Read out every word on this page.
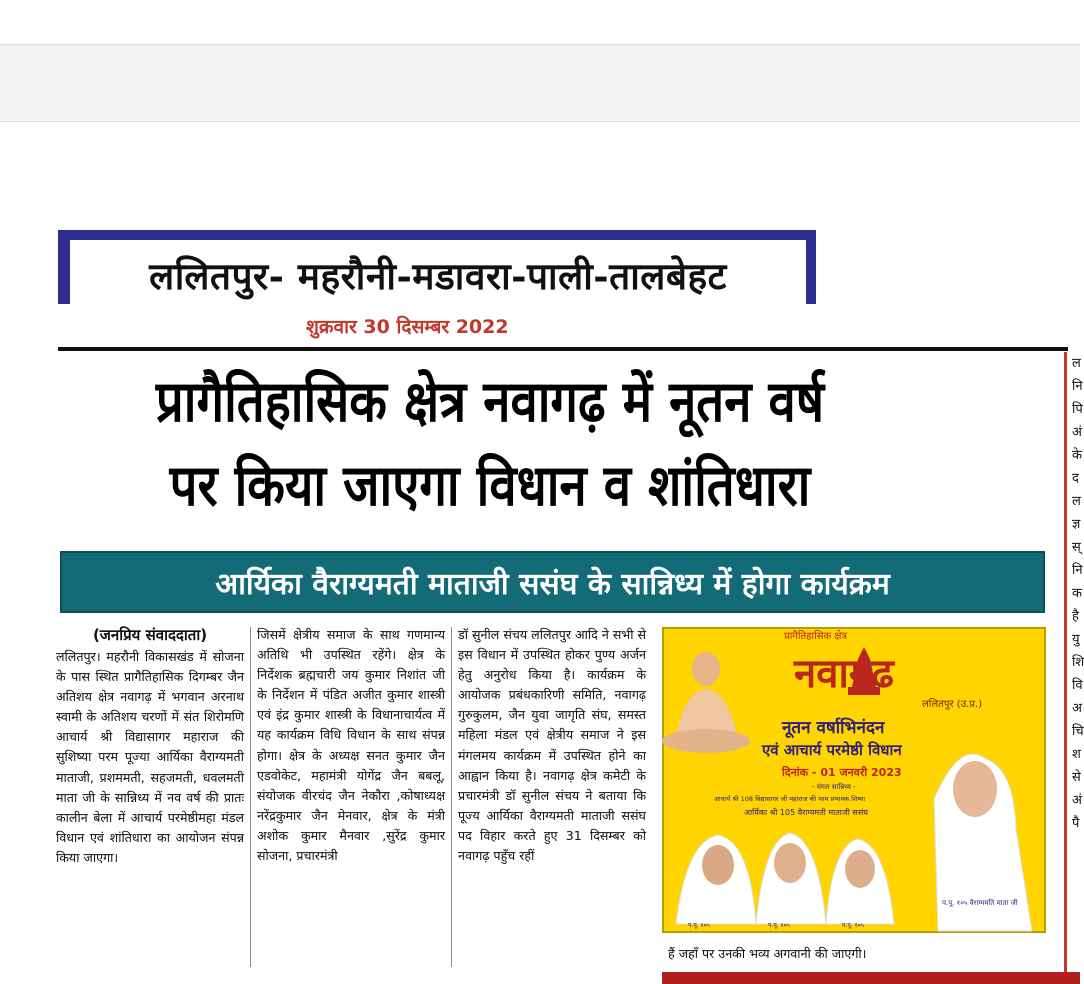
ललितपुर- महरौनी-मडावरा-पाली-तालबेहट
शुक्रवार 30 दिसम्बर 2022
प्रागैतिहासिक क्षेत्र नवागढ़ में नूतन वर्ष
पर किया जाएगा विधान व शांतिधारा
आर्यिका वैराग्यमती माताजी ससंघ के सान्निध्य में होगा कार्यक्रम
(जनप्रिय संवाददाता)
ललितपुर। महरौनी विकासखंड में सोजना के पास स्थित प्रागैतिहासिक दिगम्बर जैन अतिशय क्षेत्र नवागढ़ में भगवान अरनाथ स्वामी के अतिशय चरणों में संत शिरोमणि आचार्य श्री विद्यासागर महाराज की सुशिष्या परम पूज्या आर्यिका वैराग्यमती माताजी, प्रशममती, सहजमती, धवलमती माता जी के सान्निध्य में नव वर्ष की प्रातः कालीन बेला में आचार्य परमेष्ठीमहा मंडल विधान एवं शांतिधारा का आयोजन संपन्न किया जाएगा।
जिसमें क्षेत्रीय समाज के साथ गणमान्य अतिथि भी उपस्थित रहेंगे। क्षेत्र के निर्देशक ब्रह्मचारी जय कुमार निशांत जी के निर्देशन में पंडित अजीत कुमार शास्त्री एवं इंद्र कुमार शास्त्री के विधानाचार्यत्व में यह कार्यक्रम विधि विधान के साथ संपन्न होगा। क्षेत्र के अध्यक्ष सनत कुमार जैन एडवोकेट, महामंत्री योगेंद्र जैन बबलू, संयोजक वीरचंद जैन नेकौरा ,कोषाध्यक्ष नरेंद्रकुमार जैन मेनवार, क्षेत्र के मंत्री अशोक कुमार मैनवार ,सुरेंद्र कुमार सोजना, प्रचारमंत्री
डॉ सुनील संचय ललितपुर आदि ने सभी से इस विधान में उपस्थित होकर पुण्य अर्जन हेतु अनुरोध किया है। कार्यक्रम के आयोजक प्रबंधकारिणी समिति, नवागढ़ गुरुकुलम, जैन युवा जागृति संघ, समस्त महिला मंडल एवं क्षेत्रीय समाज ने इस मंगलमय कार्यक्रम में उपस्थित होने का आह्वान किया है। नवागढ़ क्षेत्र कमेटी के प्रचारमंत्री डॉ सुनील संचय ने बताया कि पूज्य आर्यिका वैराग्यमती माताजी ससंघ पद विहार करते हुए 31 दिसम्बर को नवागढ़ पहुँच रहीं
प्रागैतिहासिक क्षेत्र
नवागढ
ललितपुर (उ.प्र.)
नूतन वर्षाभिनंदन
एवं आचार्य परमेष्ठी विधान
दिनांक - 01 जनवरी 2023
- मंगल सान्निध्य -
आचार्य श्री 108 विद्यासागर जी महाराज की परम प्रभावक शिष्या
आर्यिका श्री 105 वैराग्यमती माताजी ससंघ
प.पू. १०५ वैराग्यमति माता जी
प.पू. १०५	प.पू. १०५	प.पू. १०५
हैं जहाँ पर उनकी भव्य अगवानी की जाएगी।
ल
नि
पि
अं
के
द
ल
ज्ञ
स्
नि
क
है
यु
शि
वि
अ
चि
श
से
अं
पै
